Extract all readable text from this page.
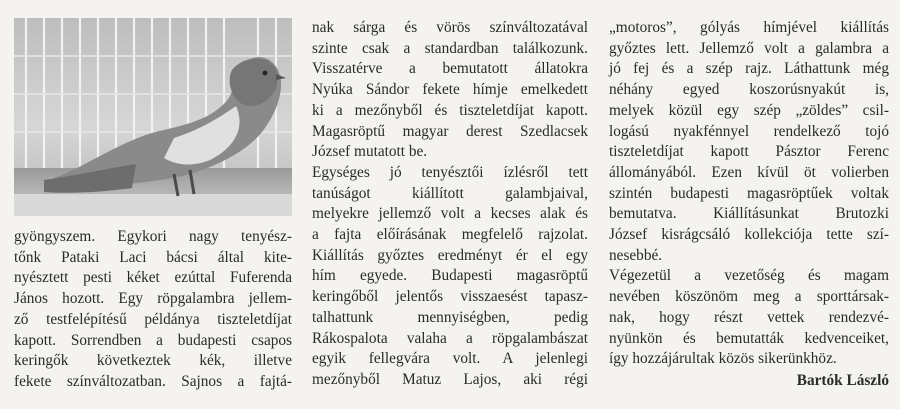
gyöngyszem. Egykori nagy tenyész-
tőnk Pataki Laci bácsi által kite-
nyésztett pesti kéket ezúttal Fuferenda
János hozott. Egy röpgalambra jellem-
ző testfelépítésű példánya tiszteletdíjat
kapott. Sorrendben a budapesti csapos
keringők következtek kék, illetve
fekete színváltozatban. Sajnos a fajtá-
nak sárga és vörös színváltozatával
szinte csak a standardban találkozunk.
Visszatérve a bemutatott állatokra
Nyúka Sándor fekete hímje emelkedett
ki a mezőnyből és tiszteletdíjat kapott.
Magasröptű magyar derest Szedlacsek
József mutatott be.
Egységes jó tenyésztői ízlésről tett
tanúságot kiállított galambjaival,
melyekre jellemző volt a kecses alak és
a fajta előírásának megfelelő rajzolat.
Kiállítás győztes eredményt ér el egy
hím egyede. Budapesti magasröptű
keringőből jelentős visszaesést tapasz-
talhattunk mennyiségben, pedig
Rákospalota valaha a röpgalambászat
egyik fellegvára volt. A jelenlegi
mezőnyből Matuz Lajos, aki régi
„motoros”, gólyás hímjével kiállítás
győztes lett. Jellemző volt a galambra a
jó fej és a szép rajz. Láthattunk még
néhány egyed koszorúsnyakút is,
melyek közül egy szép „zöldes” csil-
logású nyakfénnyel rendelkező tojó
tiszteletdíjat kapott Pásztor Ferenc
állományából. Ezen kívül öt volierben
szintén budapesti magasröptűek voltak
bemutatva. Kiállításunkat Brutozki
József kisrágcsáló kollekciója tette szí-
nesebbé.
Végezetül a vezetőség és magam
nevében köszönöm meg a sporttársak-
nak, hogy részt vettek rendezvé-
nyünkön és bemutatták kedvenceiket,
így hozzájárultak közös sikerünkhöz.
Bartók László
